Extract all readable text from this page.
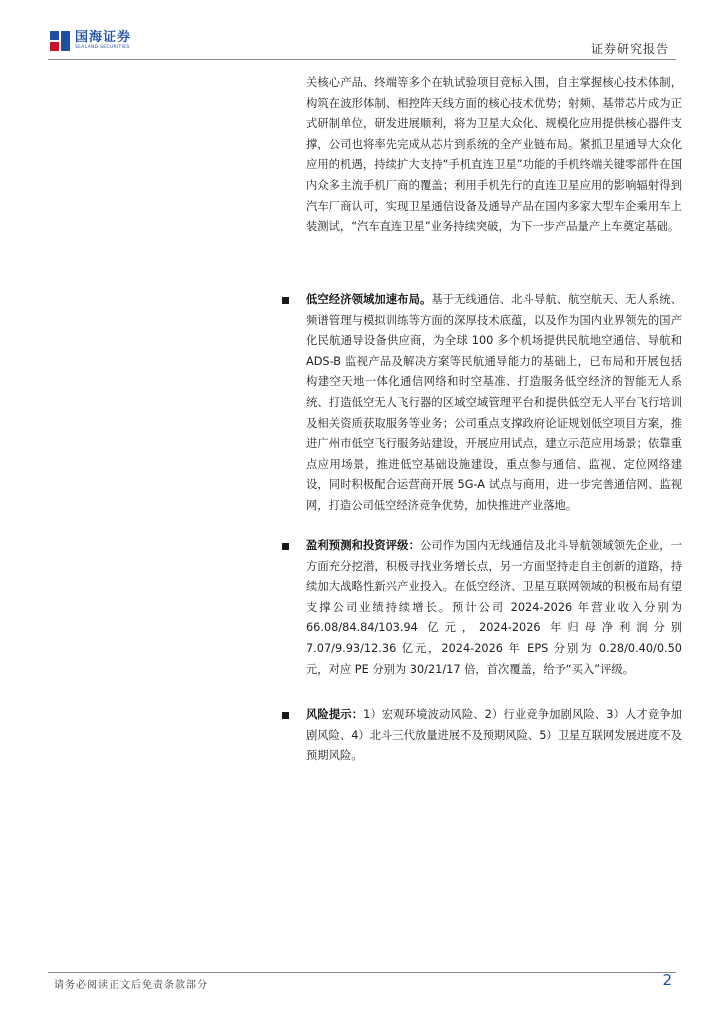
国海证券
SEALAND SECURITIES	证券研究报告
关核心产品、终端等多个在轨试验项目竞标入围，自主掌握核心技术体制，构筑在波形体制、相控阵天线方面的核心技术优势；射频、基带芯片成为正式研制单位，研发进展顺利，将为卫星大众化、规模化应用提供核心器件支撑，公司也将率先完成从芯片到系统的全产业链布局。紧抓卫星通导大众化应用的机遇，持续扩大支持“手机直连卫星”功能的手机终端关键零部件在国内众多主流手机厂商的覆盖；利用手机先行的直连卫星应用的影响辐射得到汽车厂商认可，实现卫星通信设备及通导产品在国内多家大型车企乘用车上装测试，“汽车直连卫星”业务持续突破，为下一步产品量产上车奠定基础。
低空经济领域加速布局。基于无线通信、北斗导航、航空航天、无人系统、频谱管理与模拟训练等方面的深厚技术底蕴，以及作为国内业界领先的国产化民航通导设备供应商，为全球 100 多个机场提供民航地空通信、导航和 ADS-B 监视产品及解决方案等民航通导能力的基础上，已布局和开展包括构建空天地一体化通信网络和时空基准、打造服务低空经济的智能无人系统、打造低空无人飞行器的区域空域管理平台和提供低空无人平台飞行培训及相关资质获取服务等业务；公司重点支撑政府论证规划低空项目方案，推进广州市低空飞行服务站建设，开展应用试点，建立示范应用场景；依靠重点应用场景，推进低空基础设施建设，重点参与通信、监视、定位网络建设，同时积极配合运营商开展 5G-A 试点与商用，进一步完善通信网、监视网，打造公司低空经济竞争优势，加快推进产业落地。
盈利预测和投资评级：公司作为国内无线通信及北斗导航领域领先企业，一方面充分挖潜，积极寻找业务增长点，另一方面坚持走自主创新的道路，持续加大战略性新兴产业投入。在低空经济、卫星互联网领域的积极布局有望支撑公司业绩持续增长。预计公司 2024-2026 年营业收入分别为 66.08/84.84/103.94 亿元，2024-2026 年归母净利润分别 7.07/9.93/12.36 亿元，2024-2026 年 EPS 分别为 0.28/0.40/0.50 元，对应 PE 分别为 30/21/17 倍，首次覆盖，给予“买入”评级。
风险提示：1）宏观环境波动风险、2）行业竞争加剧风险、3）人才竞争加剧风险、4）北斗三代放量进展不及预期风险、5）卫星互联网发展进度不及预期风险。
请务必阅读正文后免责条款部分	2
